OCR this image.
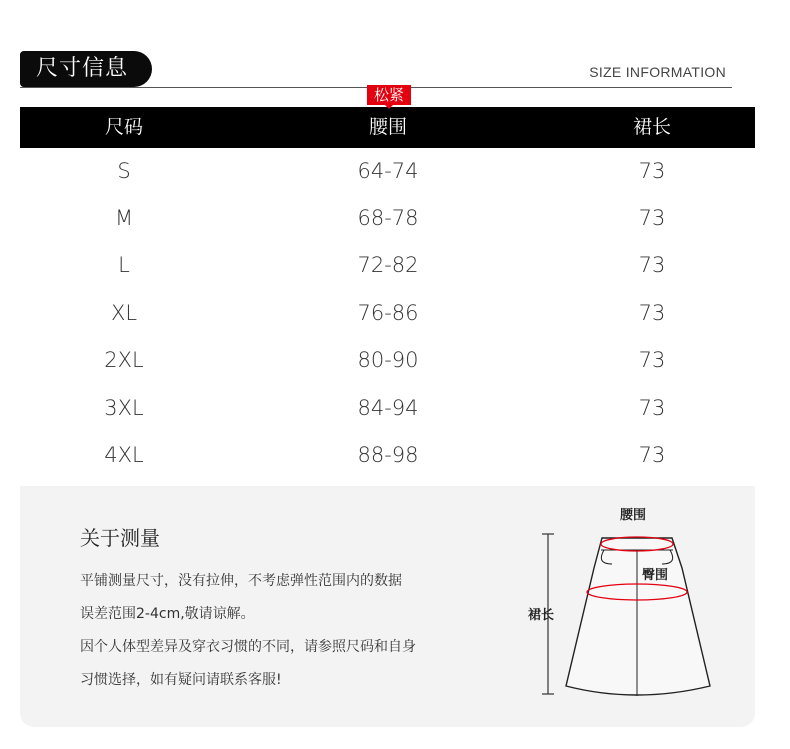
尺寸信息	SIZE INFORMATION
尺码	腰围	裙长
松紧
S	64-74	73
M	68-78	73
L	72-82	73
XL	76-86	73
2XL	80-90	73
3XL	84-94	73
4XL	88-98	73
关于测量
平铺测量尺寸，没有拉伸，不考虑弹性范围内的数据
误差范围2-4cm,敬请谅解。
因个人体型差异及穿衣习惯的不同，请参照尺码和自身
习惯选择，如有疑问请联系客服!
腰围
臀围
裙长
